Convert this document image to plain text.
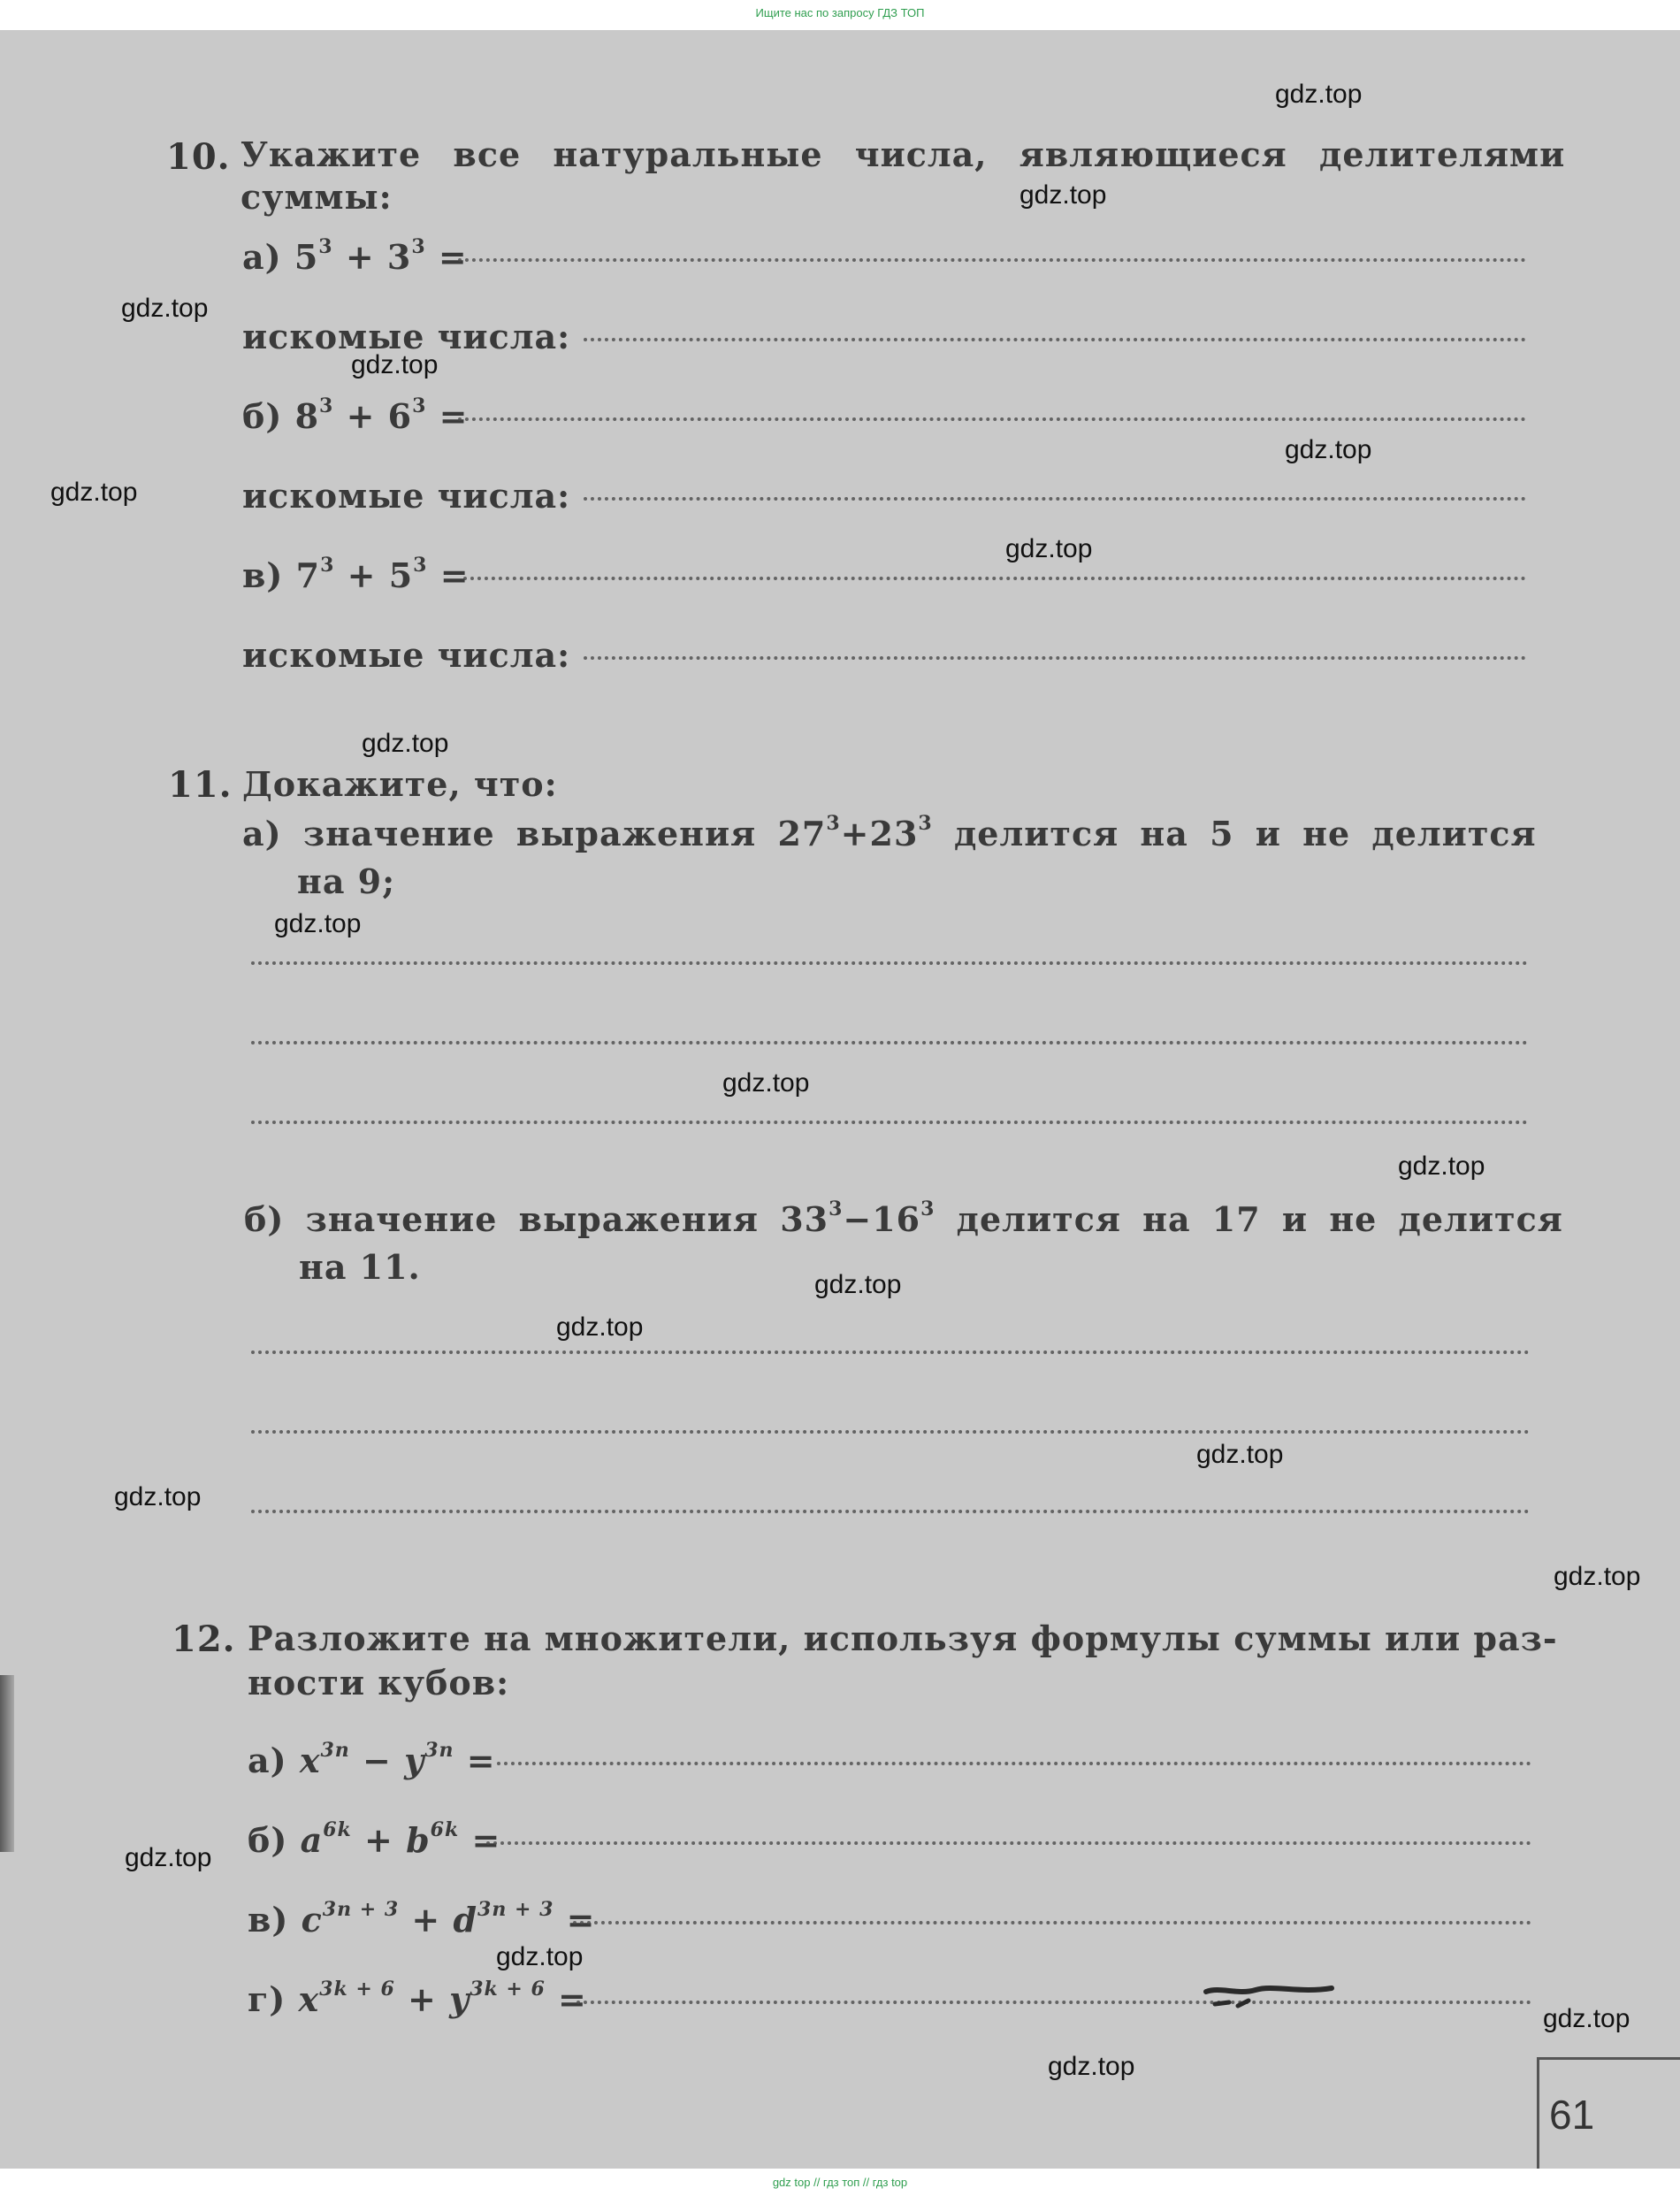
Ищите нас по запросу ГДЗ ТОП
10. Укажите все натуральные числа, являющиеся делителями
суммы:
а) $5^3 + 3^3$ =
искомые числа:
б) $8^3 + 6^3$ =
искомые числа:
в) $7^3 + 5^3$ =
искомые числа:
11. Докажите, что:
а) значение выражения $27^3+23^3$ делится на 5 и не делится
на 9;
б) значение выражения $33^3-16^3$ делится на 17 и не делится
на 11.
12. Разложите на множители, используя формулы суммы или раз-
ности кубов:
а) $x^{3n} - y^{3n}$ =
б) $a^{6k} + b^{6k}$ =
в) $c^{3n + 3} + d^{3n + 3}$ =
г) $x^{3k + 6} + y^{3k + 6}$ =
61
gdz.top
gdz.top
gdz.top
gdz.top
gdz.top
gdz.top
gdz.top
gdz.top
gdz.top
gdz.top
gdz.top
gdz.top
gdz.top
gdz.top
gdz.top
gdz.top
gdz.top
gdz.top
gdz.top
gdz.top
gdz top // гдз топ // гдз top
